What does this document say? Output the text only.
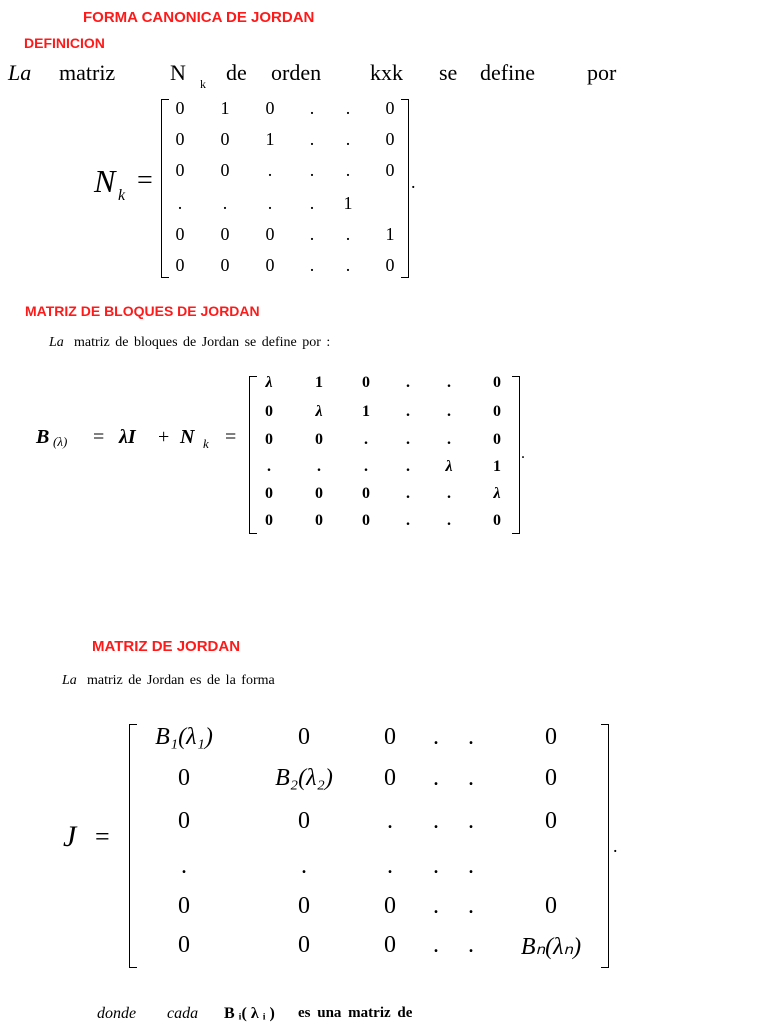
FORMA CANONICA DE JORDAN
DEFINICION
La matriz N k de orden kxk se define por
N k =	.
0	1	0	.	.	0
0	0	1	.	.	0
0	0	.	.	.	0
.	.	.	.	1
0	0	0	.	.	1
0	0	0	.	.	0
MATRIZ DE BLOQUES DE JORDAN
La matriz de bloques de Jordan se define por :
B (λ) = λI + N k =
.
λ	1	0	.	.	0
0	λ	1	.	.	0
0	0	.	.	.	0
.	.	.	.	λ	1
0	0	0	.	.	λ
0	0	0	.	.	0
MATRIZ DE JORDAN
La matriz de Jordan es de la forma
J =	.
B₁(λ₁)	0	0	.	.	0
0	B₂(λ₂)	0	.	.	0
0	0	.	.	.	0
.	.	.	.	.
0	0	0	.	.	0
0	0	0	.	.	Bₙ(λₙ)
donde cada B ᵢ( λ ᵢ ) es una matriz de
